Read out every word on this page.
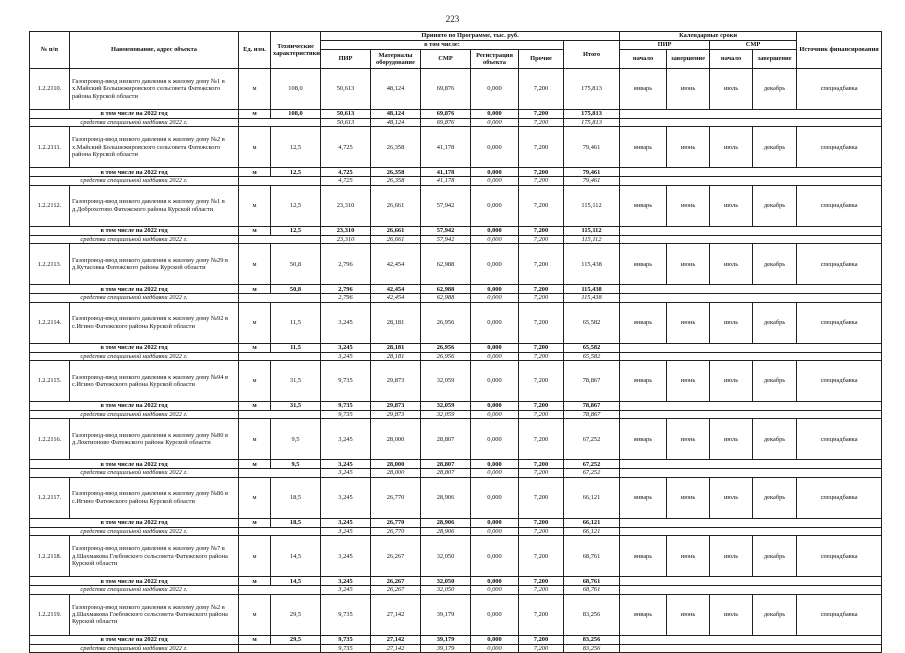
223
№ п/п	Наименование, адрес объекта	Ед. изм.	Технические характеристики	Принято по Программе, тыс. руб.						Календарные сроки				Источник финансирования
				в том числе:					Итого	ПИР		СМР		
				ПИР	Материалы оборудование	СМР	Регистрация объекта	Прочие		начало	завершение	начало	завершение	
1.2.2110.	Газопровод-ввод низкого давления к жилому дому №1 в х.Майский Большежировского сельсовета Фатежского района Курской области	м	108,0	50,613	48,124	69,876	0,000	7,200	175,813	январь	июнь	июль	декабрь	спецнадбавка
в том числе на 2022 год		м	108,0	50,613	48,124	69,876	0,000	7,200	175,813					
средства специальной надбавки 2022 г.				50,613	48,124	69,876	0,000	7,200	175,813					
1.2.2111.	Газопровод-ввод низкого давления к жилому дому №2 в х.Майский Большежировского сельсовета Фатежского района Курской области	м	12,5	4,725	26,358	41,178	0,000	7,200	79,461	январь	июнь	июль	декабрь	спецнадбавка
в том числе на 2022 год		м	12,5	4,725	26,358	41,178	0,000	7,200	79,461					
средства специальной надбавки 2022 г.				4,725	26,358	41,178	0,000	7,200	79,461					
1.2.2112.	Газопровод-ввод низкого давления к жилому дому №1 в д.Доброхотово Фатежского района Курской области	м	12,5	23,310	26,661	57,942	0,000	7,200	115,112	январь	июнь	июль	декабрь	спецнадбавка
в том числе на 2022 год		м	12,5	23,310	26,661	57,942	0,000	7,200	115,112					
средства специальной надбавки 2022 г.				23,310	26,661	57,942	0,000	7,200	115,112					
1.2.2113.	Газопровод-ввод низкого давления к жилому дому №29 в д.Кутасовка Фатежского района Курской области	м	50,8	2,796	42,454	62,988	0,000	7,200	115,438	январь	июнь	июль	декабрь	спецнадбавка
в том числе на 2022 год		м	50,8	2,796	42,454	62,988	0,000	7,200	115,438					
средства специальной надбавки 2022 г.				2,796	42,454	62,988	0,000	7,200	115,438					
1.2.2114.	Газопровод-ввод низкого давления к жилому дому №92 в с.Игино Фатежского района Курской области	м	11,5	3,245	28,181	26,956	0,000	7,200	65,582	январь	июнь	июль	декабрь	спецнадбавка
в том числе на 2022 год		м	11,5	3,245	28,181	26,956	0,000	7,200	65,582					
средства специальной надбавки 2022 г.				3,245	28,181	26,956	0,000	7,200	65,582					
1.2.2115.	Газопровод-ввод низкого давления к жилому дому №94 в с.Игино Фатежского района Курской области	м	31,5	9,735	29,873	32,059	0,000	7,200	78,867	январь	июнь	июль	декабрь	спецнадбавка
в том числе на 2022 год		м	31,5	9,735	29,873	32,059	0,000	7,200	78,867					
средства специальной надбавки 2022 г.				9,735	29,873	32,059	0,000	7,200	78,867					
1.2.2116.	Газопровод-ввод низкого давления к жилому дому №80 в д.Локтионово Фатежского района Курской области	м	9,5	3,245	28,000	28,807	0,000	7,200	67,252	январь	июнь	июль	декабрь	спецнадбавка
в том числе на 2022 год		м	9,5	3,245	28,000	28,807	0,000	7,200	67,252					
средства специальной надбавки 2022 г.				3,245	28,000	28,807	0,000	7,200	67,252					
1.2.2117.	Газопровод-ввод низкого давления к жилому дому №86 в с.Игино Фатежского района Курской области	м	18,5	3,245	26,770	28,906	0,000	7,200	66,121	январь	июнь	июль	декабрь	спецнадбавка
в том числе на 2022 год		м	18,5	3,245	26,770	28,906	0,000	7,200	66,121					
средства специальной надбавки 2022 г.				3,245	26,770	28,906	0,000	7,200	66,121					
1.2.2118.	Газопровод-ввод низкого давления к жилому дому №7 в д.Шахмакова Глебовского сельсовета Фатежского района Курской области	м	14,5	3,245	26,267	32,050	0,000	7,200	68,761	январь	июнь	июль	декабрь	спецнадбавка
в том числе на 2022 год		м	14,5	3,245	26,267	32,050	0,000	7,200	68,761					
средства специальной надбавки 2022 г.				3,245	26,267	32,050	0,000	7,200	68,761					
1.2.2119.	Газопровод-ввод низкого давления к жилому дому №2 в д.Шахмакова Глебовского сельсовета Фатежского района Курской области	м	29,5	9,735	27,142	39,179	0,000	7,200	83,256	январь	июнь	июль	декабрь	спецнадбавка
в том числе на 2022 год		м	29,5	9,735	27,142	39,179	0,000	7,200	83,256					
средства специальной надбавки 2022 г.				9,735	27,142	39,179	0,000	7,200	83,256					
